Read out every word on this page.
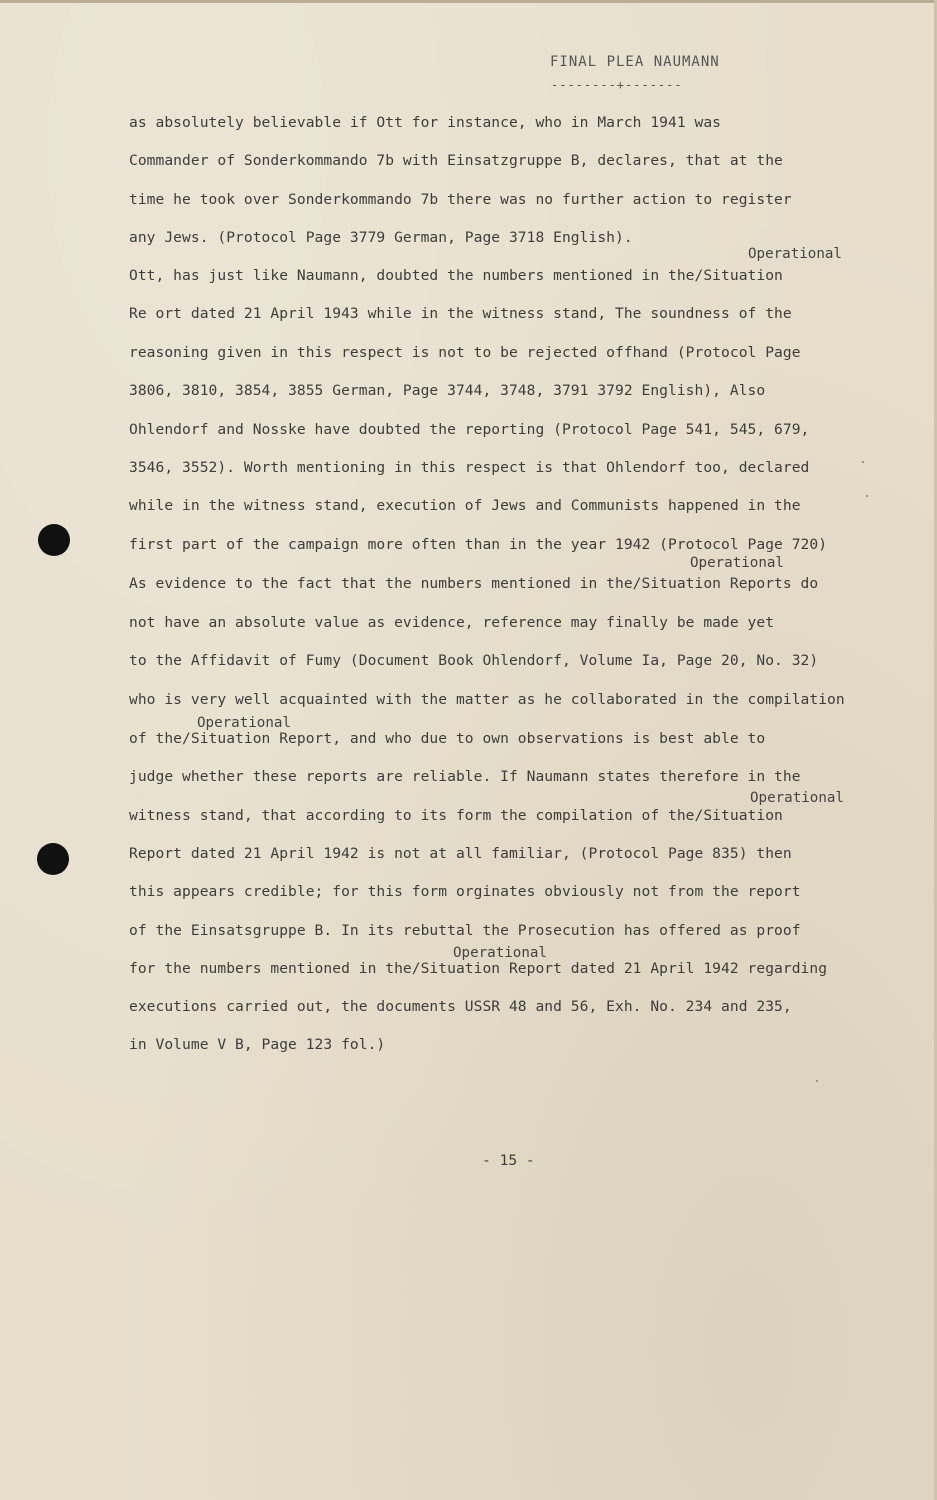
FINAL PLEA NAUMANN
--------+-------
as absolutely believable if Ott for instance, who in March 1941 was
Commander of Sonderkommando 7b with Einsatzgruppe B, declares, that at the
time he took over Sonderkommando 7b there was no further action to register
any Jews. (Protocol Page 3779 German, Page 3718 English).
Operational
Ott, has just like Naumann, doubted the numbers mentioned in the/Situation
Re ort dated 21 April 1943 while in the witness stand, The soundness of the
reasoning given in this respect is not to be rejected offhand (Protocol Page
3806, 3810, 3854, 3855 German, Page 3744, 3748, 3791 3792 English), Also
Ohlendorf and Nosske have doubted the reporting (Protocol Page 541, 545, 679,
3546, 3552). Worth mentioning in this respect is that Ohlendorf too, declared
while in the witness stand, execution of Jews and Communists happened in the
first part of the campaign more often than in the year 1942 (Protocol Page 720)
Operational
As evidence to the fact that the numbers mentioned in the/Situation Reports do
not have an absolute value as evidence, reference may finally be made yet
to the Affidavit of Fumy (Document Book Ohlendorf, Volume Ia, Page 20, No. 32)
who is very well acquainted with the matter as he collaborated in the compilation
Operational
of the/Situation Report, and who due to own observations is best able to
judge whether these reports are reliable. If Naumann states therefore in the
Operational
witness stand, that according to its form the compilation of the/Situation
Report dated 21 April 1942 is not at all familiar, (Protocol Page 835) then
this appears credible; for this form orginates obviously not from the report
of the Einsatsgruppe B. In its rebuttal the Prosecution has offered as proof
Operational
for the numbers mentioned in the/Situation Report dated 21 April 1942 regarding
executions carried out, the documents USSR 48 and 56, Exh. No. 234 and 235,
in Volume V B, Page 123 fol.)
- 15 -
